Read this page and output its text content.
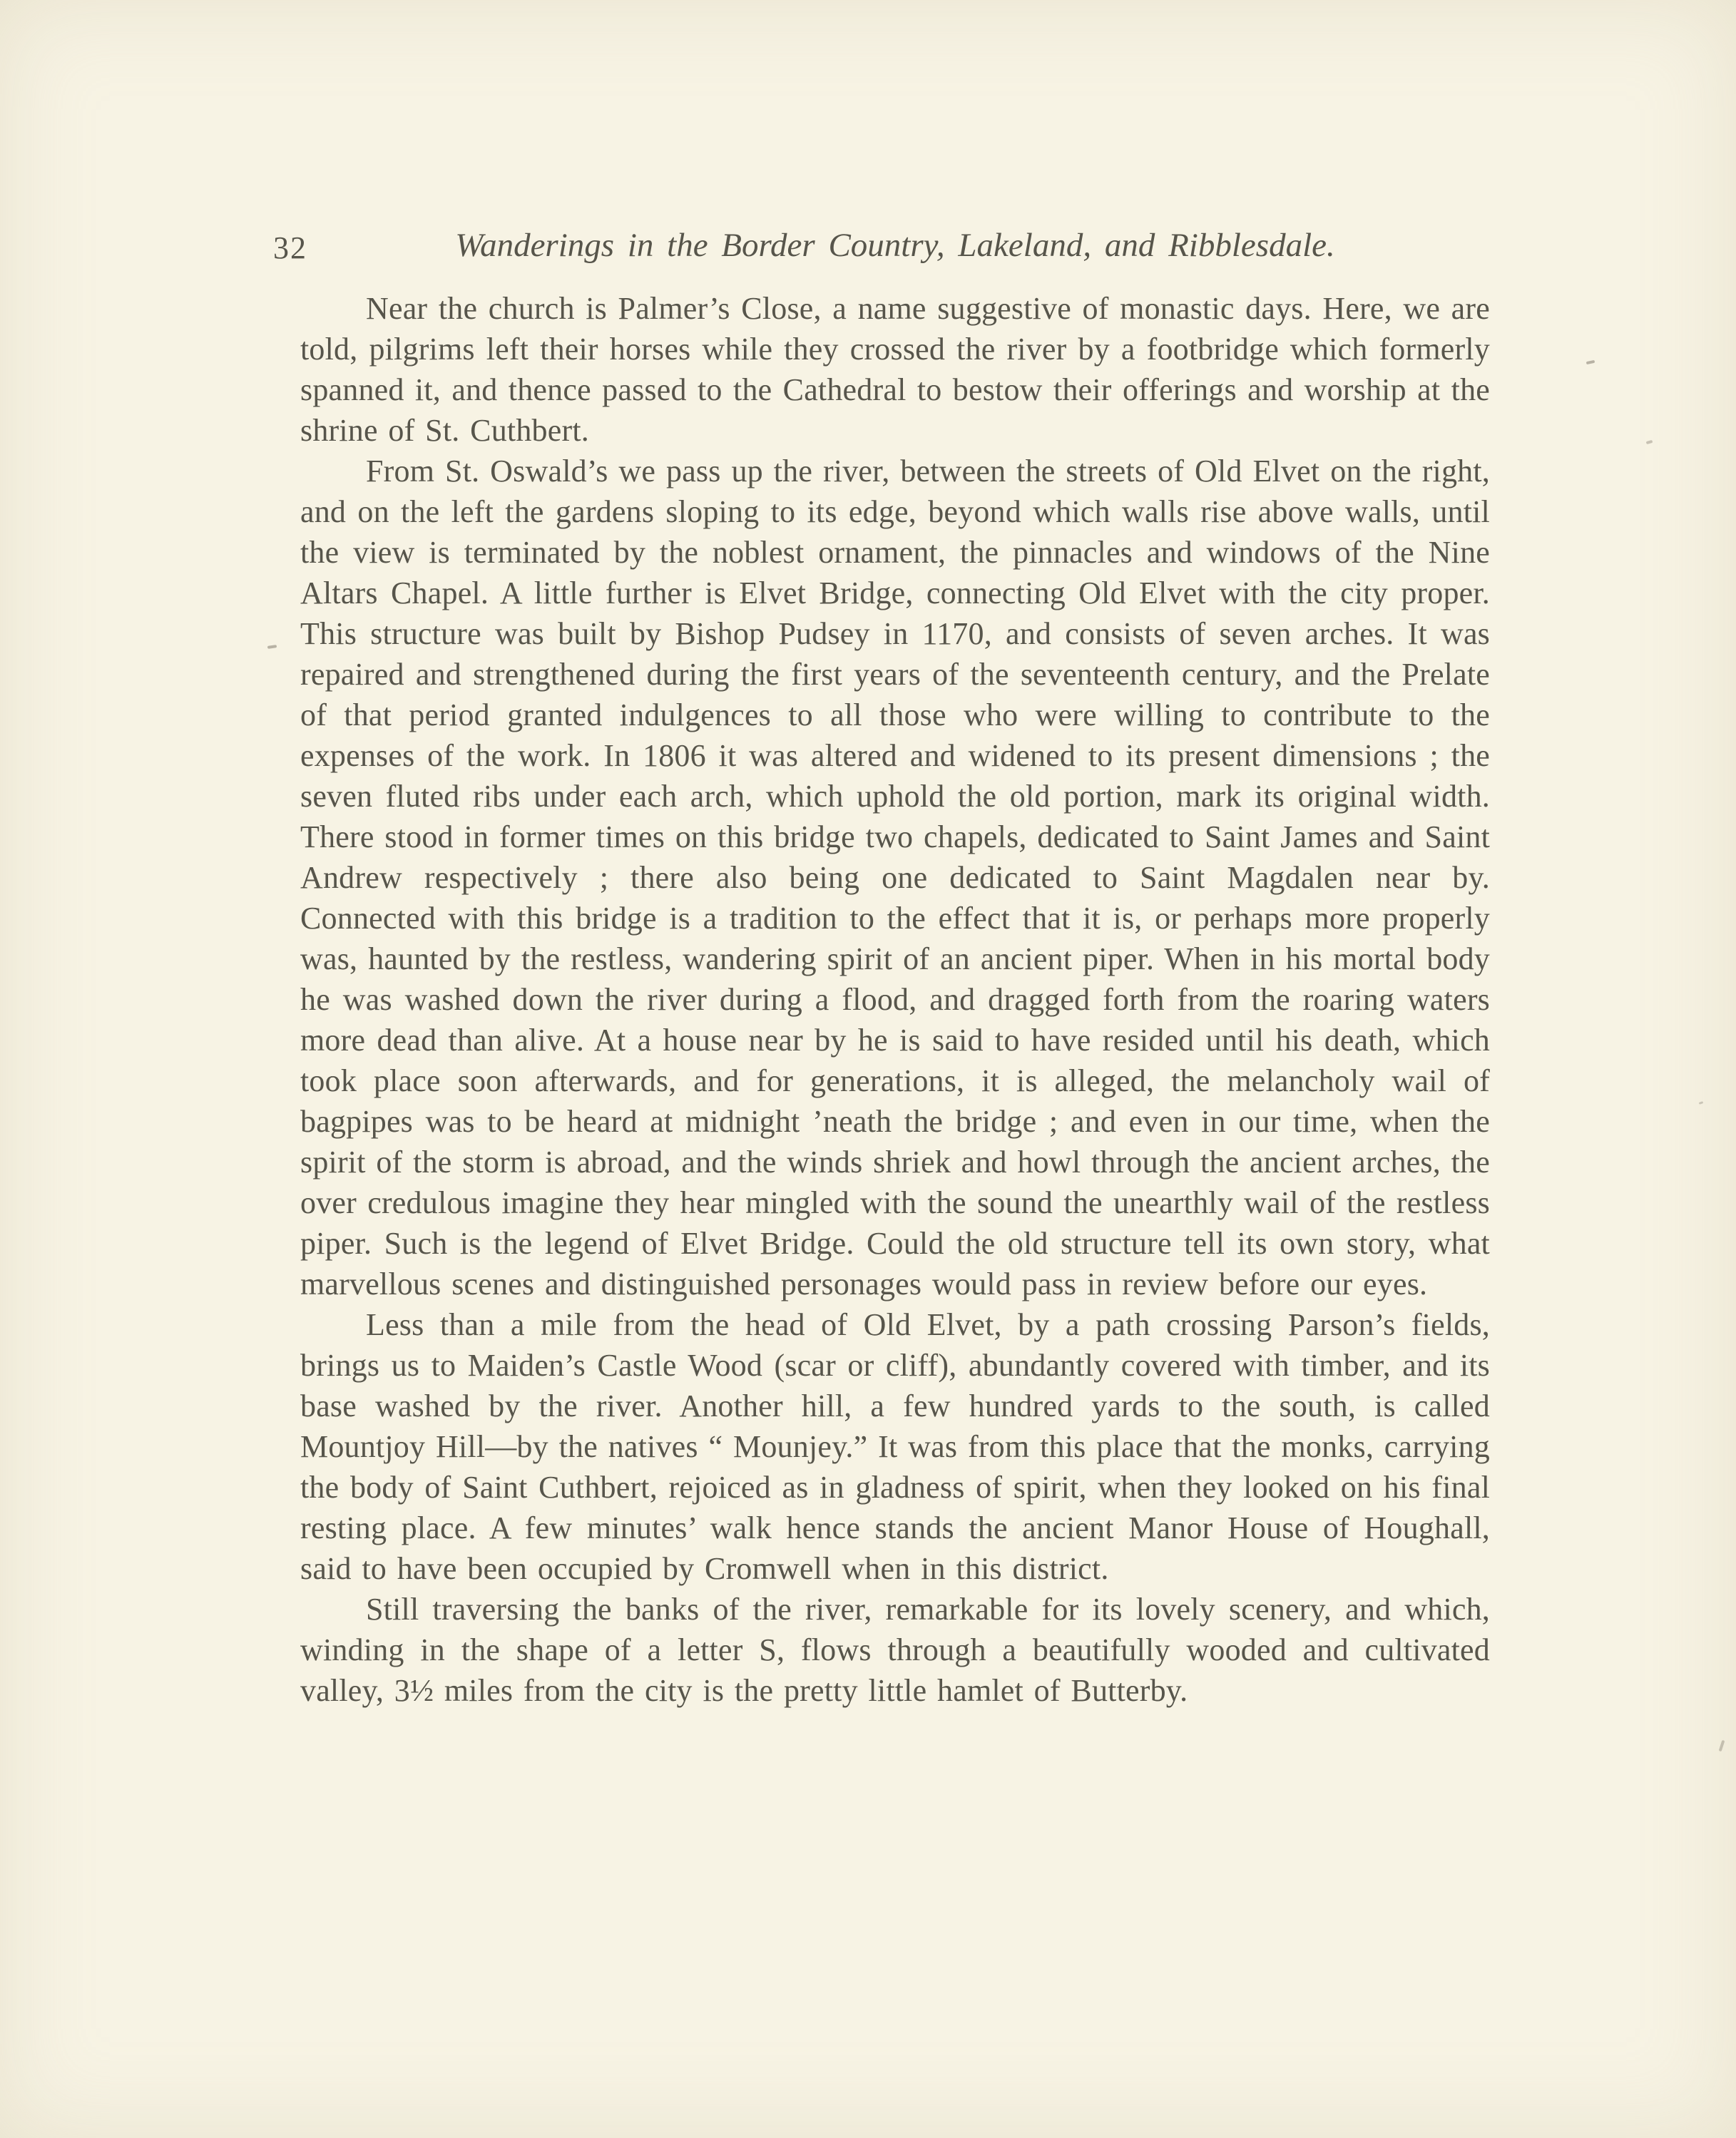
32	Wanderings in the Border Country, Lakeland, and Ribblesdale.

Near the church is Palmer’s Close, a name suggestive of monastic days. Here, we are told, pilgrims left their horses while they crossed the river by a footbridge which formerly spanned it, and thence passed to the Cathedral to bestow their offerings and worship at the shrine of St. Cuthbert.

From St. Oswald’s we pass up the river, between the streets of Old Elvet on the right, and on the left the gardens sloping to its edge, beyond which walls rise above walls, until the view is terminated by the noblest ornament, the pinnacles and windows of the Nine Altars Chapel. A little further is Elvet Bridge, connecting Old Elvet with the city proper. This structure was built by Bishop Pudsey in 1170, and consists of seven arches. It was repaired and strengthened during the first years of the seventeenth century, and the Prelate of that period granted indulgences to all those who were willing to contribute to the expenses of the work. In 1806 it was altered and widened to its present dimensions ; the seven fluted ribs under each arch, which uphold the old portion, mark its original width. There stood in former times on this bridge two chapels, dedicated to Saint James and Saint Andrew respectively ; there also being one dedicated to Saint Magdalen near by. Connected with this bridge is a tradition to the effect that it is, or perhaps more properly was, haunted by the restless, wandering spirit of an ancient piper. When in his mortal body he was washed down the river during a flood, and dragged forth from the roaring waters more dead than alive. At a house near by he is said to have resided until his death, which took place soon afterwards, and for generations, it is alleged, the melancholy wail of bagpipes was to be heard at midnight ’neath the bridge ; and even in our time, when the spirit of the storm is abroad, and the winds shriek and howl through the ancient arches, the over credulous imagine they hear mingled with the sound the unearthly wail of the restless piper. Such is the legend of Elvet Bridge. Could the old structure tell its own story, what marvellous scenes and distinguished personages would pass in review before our eyes.

Less than a mile from the head of Old Elvet, by a path crossing Parson’s fields, brings us to Maiden’s Castle Wood (scar or cliff), abundantly covered with timber, and its base washed by the river. Another hill, a few hundred yards to the south, is called Mountjoy Hill—by the natives “ Mounjey.” It was from this place that the monks, carrying the body of Saint Cuthbert, rejoiced as in gladness of spirit, when they looked on his final resting place. A few minutes’ walk hence stands the ancient Manor House of Houghall, said to have been occupied by Cromwell when in this district.

Still traversing the banks of the river, remarkable for its lovely scenery, and which, winding in the shape of a letter S, flows through a beautifully wooded and cultivated valley, 3½ miles from the city is the pretty little hamlet of Butterby.
